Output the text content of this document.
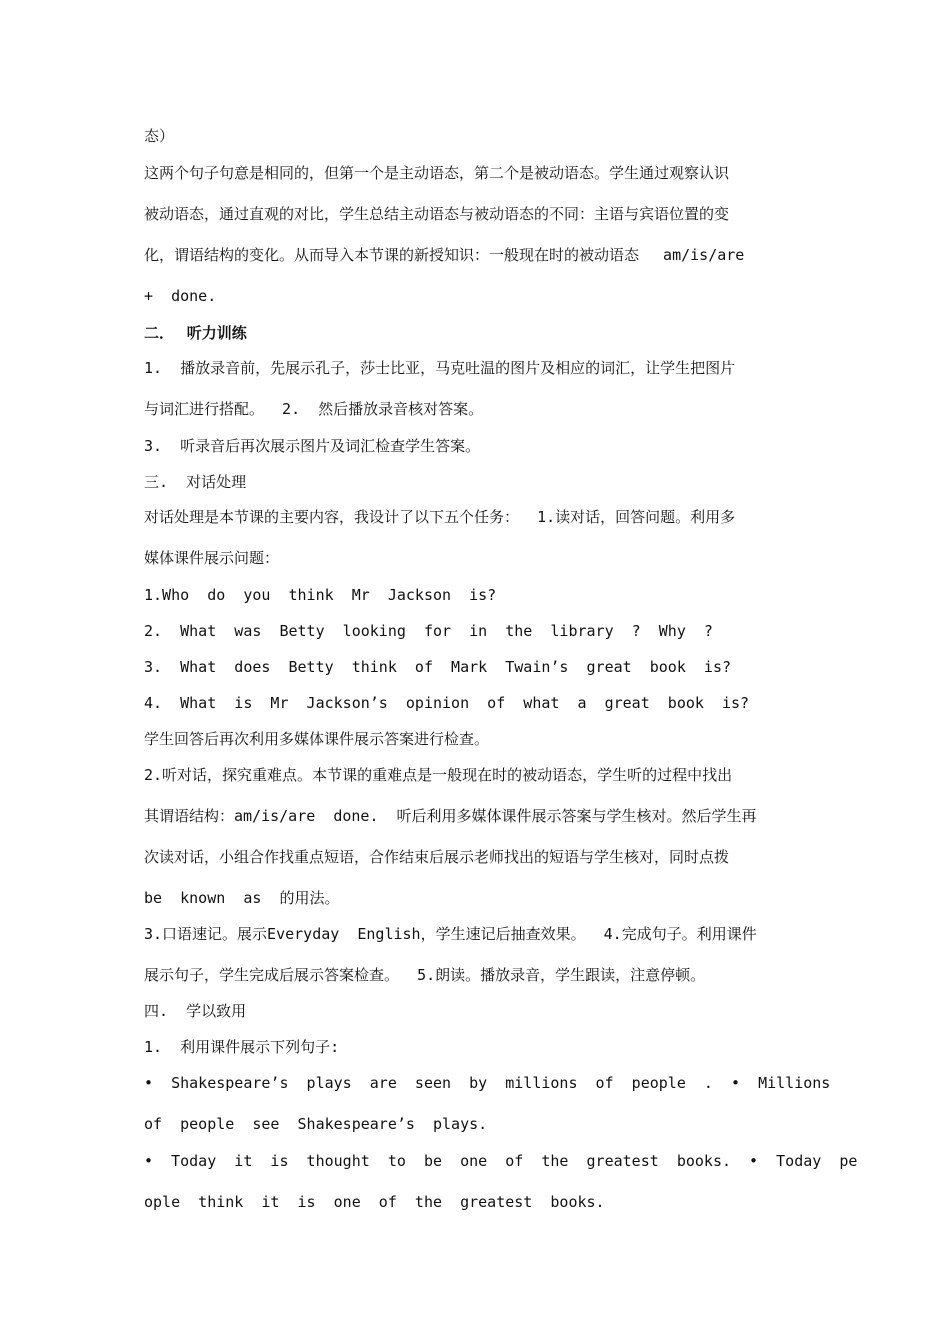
态）
这两个句子句意是相同的，但第一个是主动语态，第二个是被动语态。学生通过观察认识
被动语态，通过直观的对比，学生总结主动语态与被动语态的不同：主语与宾语位置的变
化，谓语结构的变化。从而导入本节课的新授知识：一般现在时的被动语态　 am/is/are
+  done.
二．　 听力训练
1.  播放录音前，先展示孔子，莎士比亚，马克吐温的图片及相应的词汇，让学生把图片
与词汇进行搭配。  2.  然后播放录音核对答案。
3.  听录音后再次展示图片及词汇检查学生答案。
三.  对话处理
对话处理是本节课的主要内容，我设计了以下五个任务：  1.读对话，回答问题。利用多
媒体课件展示问题：
1.Who  do  you  think  Mr  Jackson  is?
2.  What  was  Betty  looking  for  in  the  library  ?  Why  ?
3.  What  does  Betty  think  of  Mark  Twain’s  great  book  is?
4.  What  is  Mr  Jackson’s  opinion  of  what  a  great  book  is?
学生回答后再次利用多媒体课件展示答案进行检查。
2.听对话，探究重难点。本节课的重难点是一般现在时的被动语态，学生听的过程中找出
其谓语结构：am/is/are  done.  听后利用多媒体课件展示答案与学生核对。然后学生再
次读对话，小组合作找重点短语，合作结束后展示老师找出的短语与学生核对，同时点拨
be  known  as  的用法。
3.口语速记。展示Everyday  English，学生速记后抽查效果。  4.完成句子。利用课件
展示句子，学生完成后展示答案检查。  5.朗读。播放录音，学生跟读，注意停顿。
四.  学以致用
1.  利用课件展示下列句子:
•  Shakespeare’s  plays  are  seen  by  millions  of  people  .  •  Millions
of  people  see  Shakespeare’s  plays.
•  Today  it  is  thought  to  be  one  of  the  greatest  books.  •  Today  pe
ople  think  it  is  one  of  the  greatest  books.
